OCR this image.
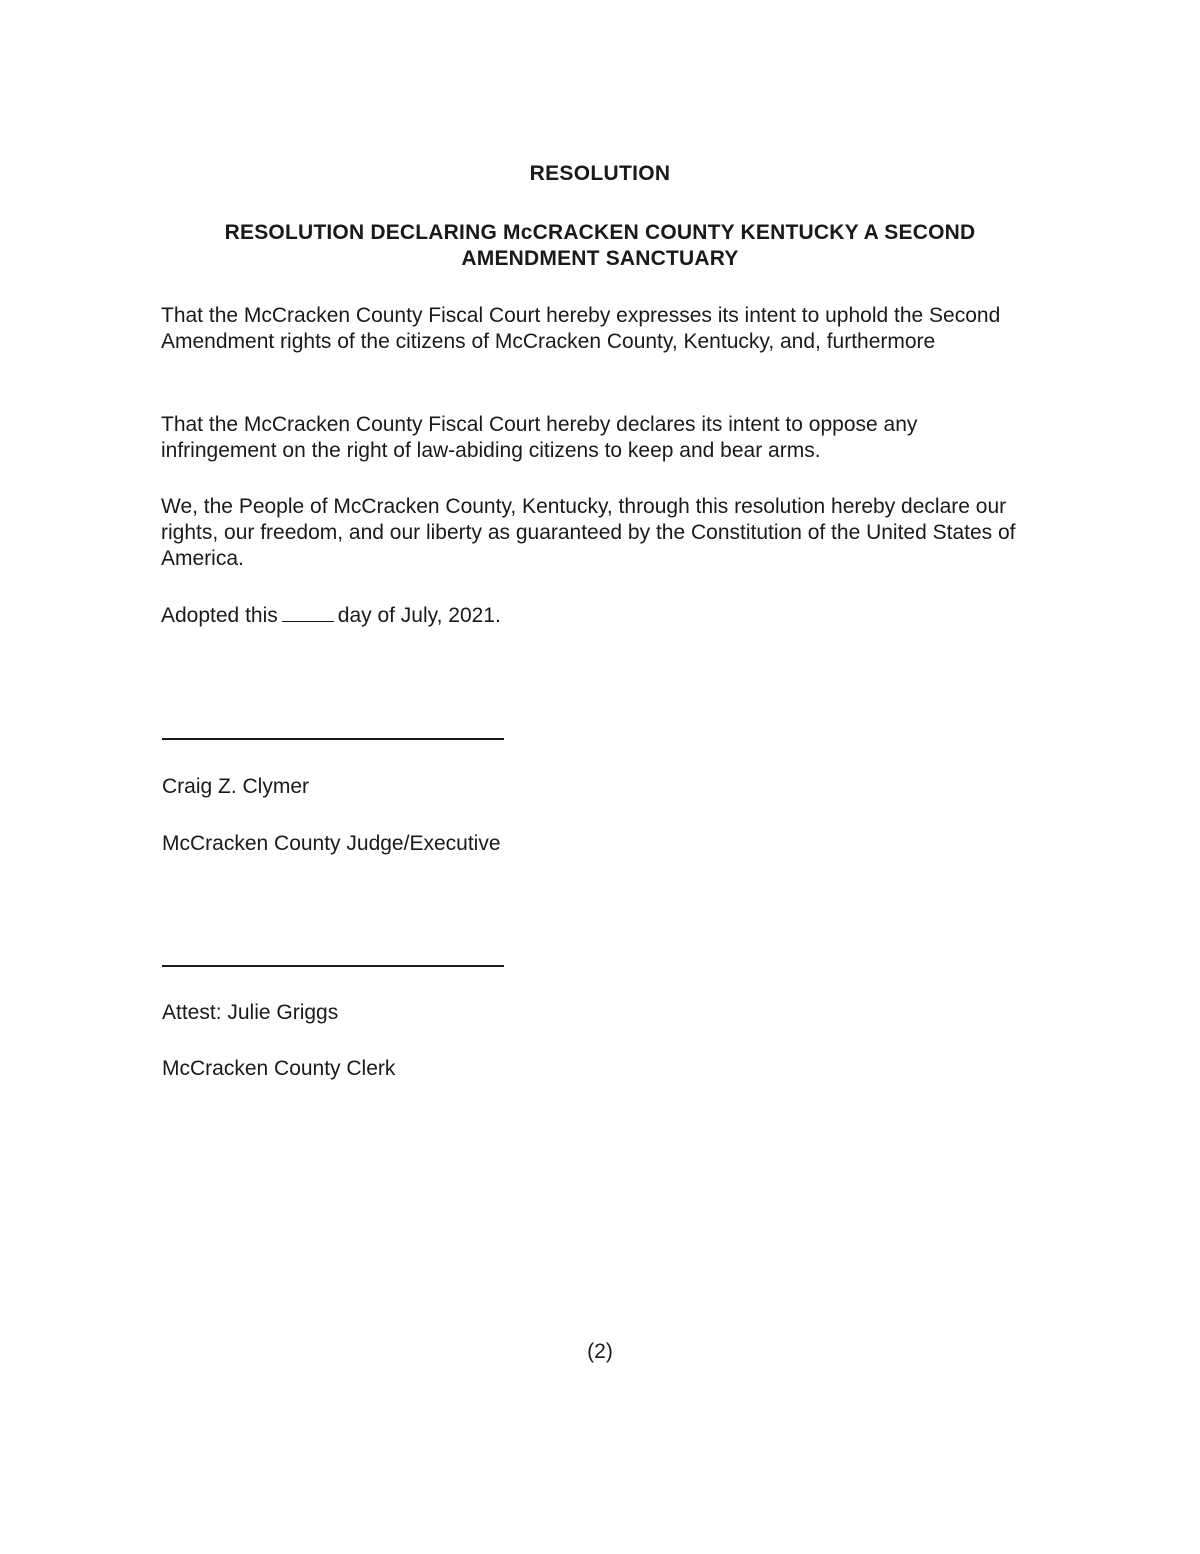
RESOLUTION
RESOLUTION DECLARING McCRACKEN COUNTY KENTUCKY A SECOND AMENDMENT SANCTUARY

That the McCracken County Fiscal Court hereby expresses its intent to uphold the Second Amendment rights of the citizens of McCracken County, Kentucky, and, furthermore

That the McCracken County Fiscal Court hereby declares its intent to oppose any infringement on the right of law-abiding citizens to keep and bear arms.

We, the People of McCracken County, Kentucky, through this resolution hereby declare our rights, our freedom, and our liberty as guaranteed by the Constitution of the United States of America.

Adopted this	day of July, 2021.

Craig Z. Clymer
McCracken County Judge/Executive
Attest: Julie Griggs
McCracken County Clerk
(2)
